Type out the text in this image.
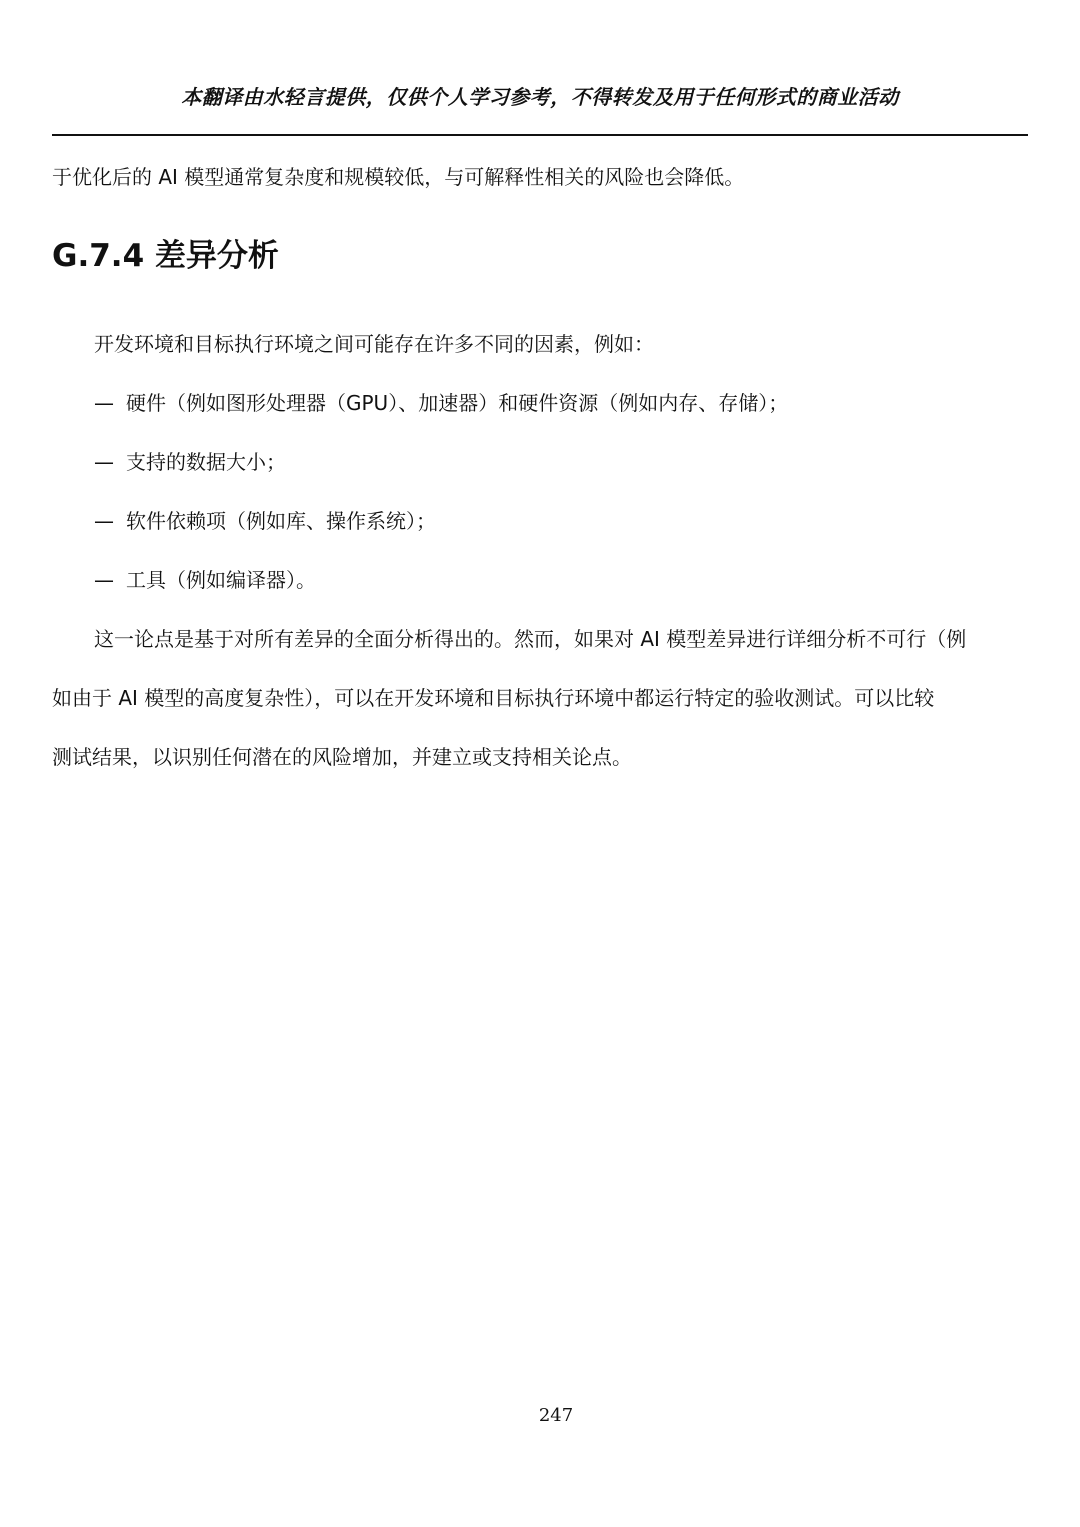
本翻译由水轻言提供，仅供个人学习参考，不得转发及用于任何形式的商业活动

于优化后的 AI 模型通常复杂度和规模较低，与可解释性相关的风险也会降低。

G.7.4 差异分析

开发环境和目标执行环境之间可能存在许多不同的因素，例如：

— 硬件（例如图形处理器（GPU）、加速器）和硬件资源（例如内存、存储）；
— 支持的数据大小；
— 软件依赖项（例如库、操作系统）；
— 工具（例如编译器）。

这一论点是基于对所有差异的全面分析得出的。然而，如果对 AI 模型差异进行详细分析不可行（例
如由于 AI 模型的高度复杂性），可以在开发环境和目标执行环境中都运行特定的验收测试。可以比较
测试结果，以识别任何潜在的风险增加，并建立或支持相关论点。

247
